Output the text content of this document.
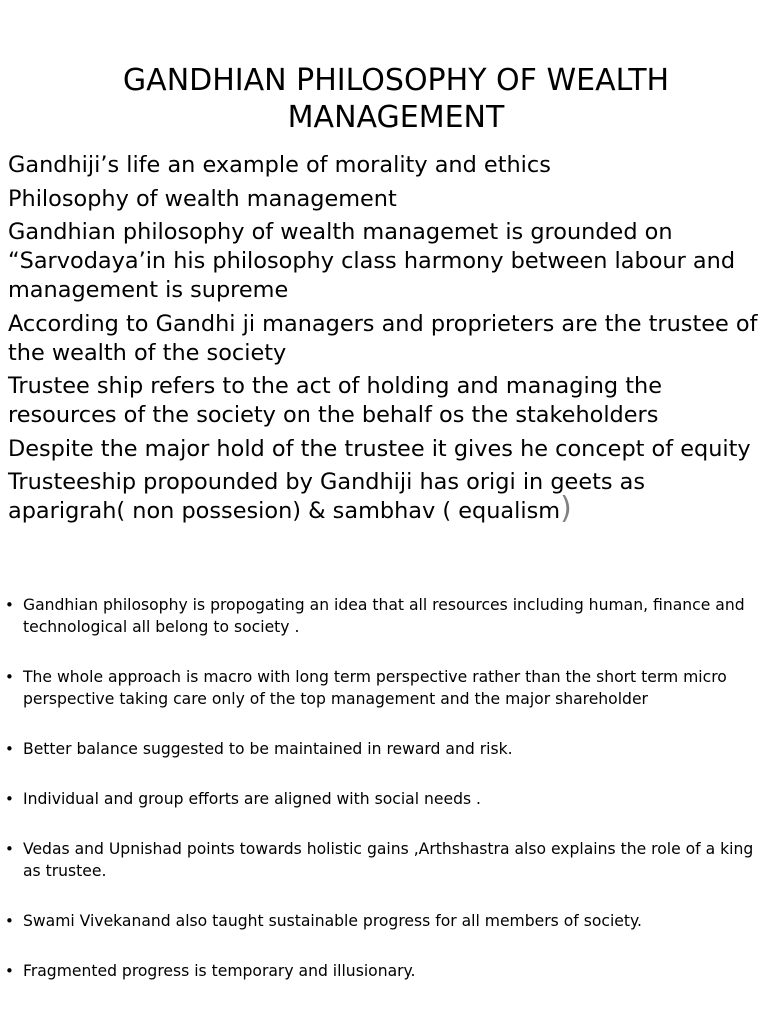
GANDHIAN PHILOSOPHY OF WEALTH MANAGEMENT
Gandhiji’s life an example of morality and ethics
Philosophy of wealth management
Gandhian philosophy of wealth managemet is grounded on “Sarvodaya’in his philosophy class harmony between labour and management is supreme
According to Gandhi ji managers and proprieters are the trustee of the wealth of the society
Trustee ship refers to the act of holding and managing the resources of the society on the behalf os the stakeholders
Despite the major hold of the trustee it gives he concept of equity
Trusteeship propounded by Gandhiji has origi in geets as aparigrah( non possesion) & sambhav ( equalism)
• Gandhian philosophy is propogating an idea that all resources including human, finance and technological all belong to society .
• The whole approach is macro with long term perspective rather than the short term micro perspective taking care only of the top management and the major shareholder
• Better balance suggested to be maintained in reward and risk.
• Individual and group efforts are aligned with social needs .
• Vedas and Upnishad points towards holistic gains ,Arthshastra also explains the role of a king as trustee.
• Swami Vivekanand also taught sustainable progress for all members of society.
• Fragmented progress is temporary and illusionary.
